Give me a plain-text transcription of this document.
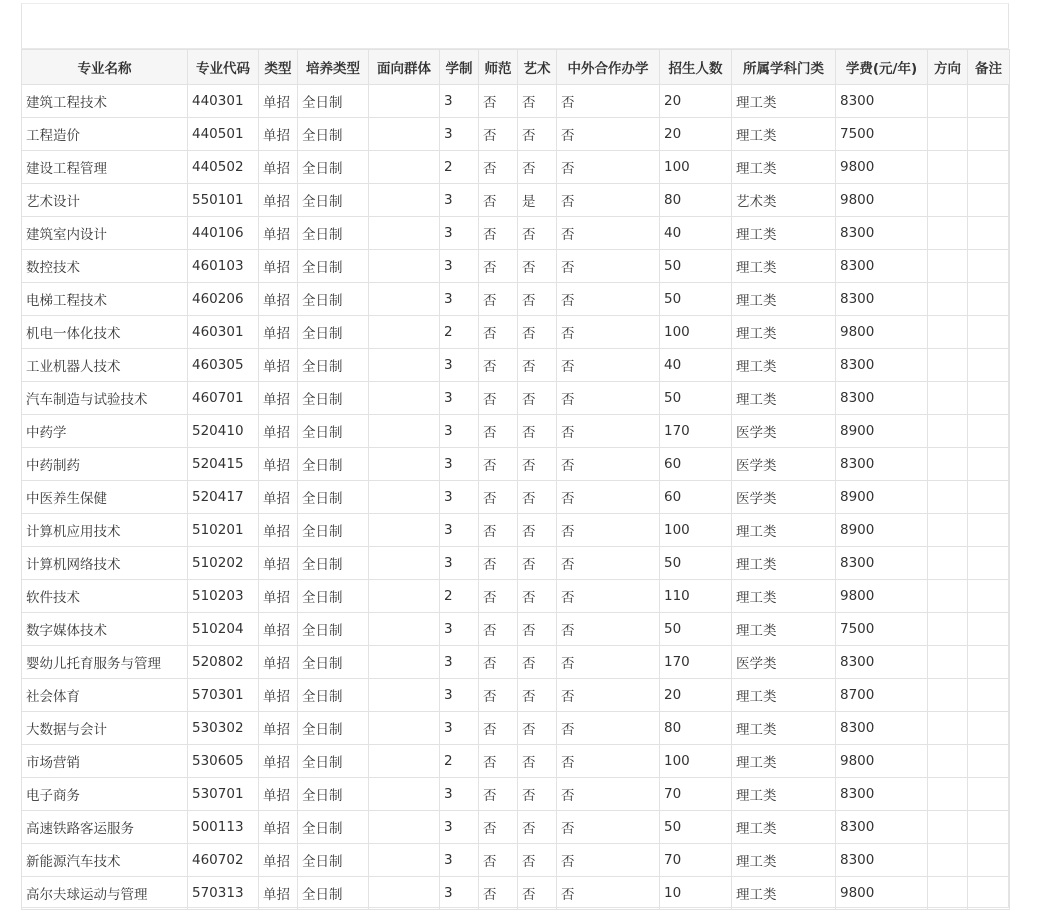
专业名称	专业代码	类型	培养类型	面向群体	学制	师范	艺术	中外合作办学	招生人数	所属学科门类	学费(元/年)	方向	备注
建筑工程技术	440301	单招	全日制		3	否	否	否	20	理工类	8300		
工程造价	440501	单招	全日制		3	否	否	否	20	理工类	7500		
建设工程管理	440502	单招	全日制		2	否	否	否	100	理工类	9800		
艺术设计	550101	单招	全日制		3	否	是	否	80	艺术类	9800		
建筑室内设计	440106	单招	全日制		3	否	否	否	40	理工类	8300		
数控技术	460103	单招	全日制		3	否	否	否	50	理工类	8300		
电梯工程技术	460206	单招	全日制		3	否	否	否	50	理工类	8300		
机电一体化技术	460301	单招	全日制		2	否	否	否	100	理工类	9800		
工业机器人技术	460305	单招	全日制		3	否	否	否	40	理工类	8300		
汽车制造与试验技术	460701	单招	全日制		3	否	否	否	50	理工类	8300		
中药学	520410	单招	全日制		3	否	否	否	170	医学类	8900		
中药制药	520415	单招	全日制		3	否	否	否	60	医学类	8300		
中医养生保健	520417	单招	全日制		3	否	否	否	60	医学类	8900		
计算机应用技术	510201	单招	全日制		3	否	否	否	100	理工类	8900		
计算机网络技术	510202	单招	全日制		3	否	否	否	50	理工类	8300		
软件技术	510203	单招	全日制		2	否	否	否	110	理工类	9800		
数字媒体技术	510204	单招	全日制		3	否	否	否	50	理工类	7500		
婴幼儿托育服务与管理	520802	单招	全日制		3	否	否	否	170	医学类	8300		
社会体育	570301	单招	全日制		3	否	否	否	20	理工类	8700		
大数据与会计	530302	单招	全日制		3	否	否	否	80	理工类	8300		
市场营销	530605	单招	全日制		2	否	否	否	100	理工类	9800		
电子商务	530701	单招	全日制		3	否	否	否	70	理工类	8300		
高速铁路客运服务	500113	单招	全日制		3	否	否	否	50	理工类	8300		
新能源汽车技术	460702	单招	全日制		3	否	否	否	70	理工类	8300		
高尔夫球运动与管理	570313	单招	全日制		3	否	否	否	10	理工类	9800		
